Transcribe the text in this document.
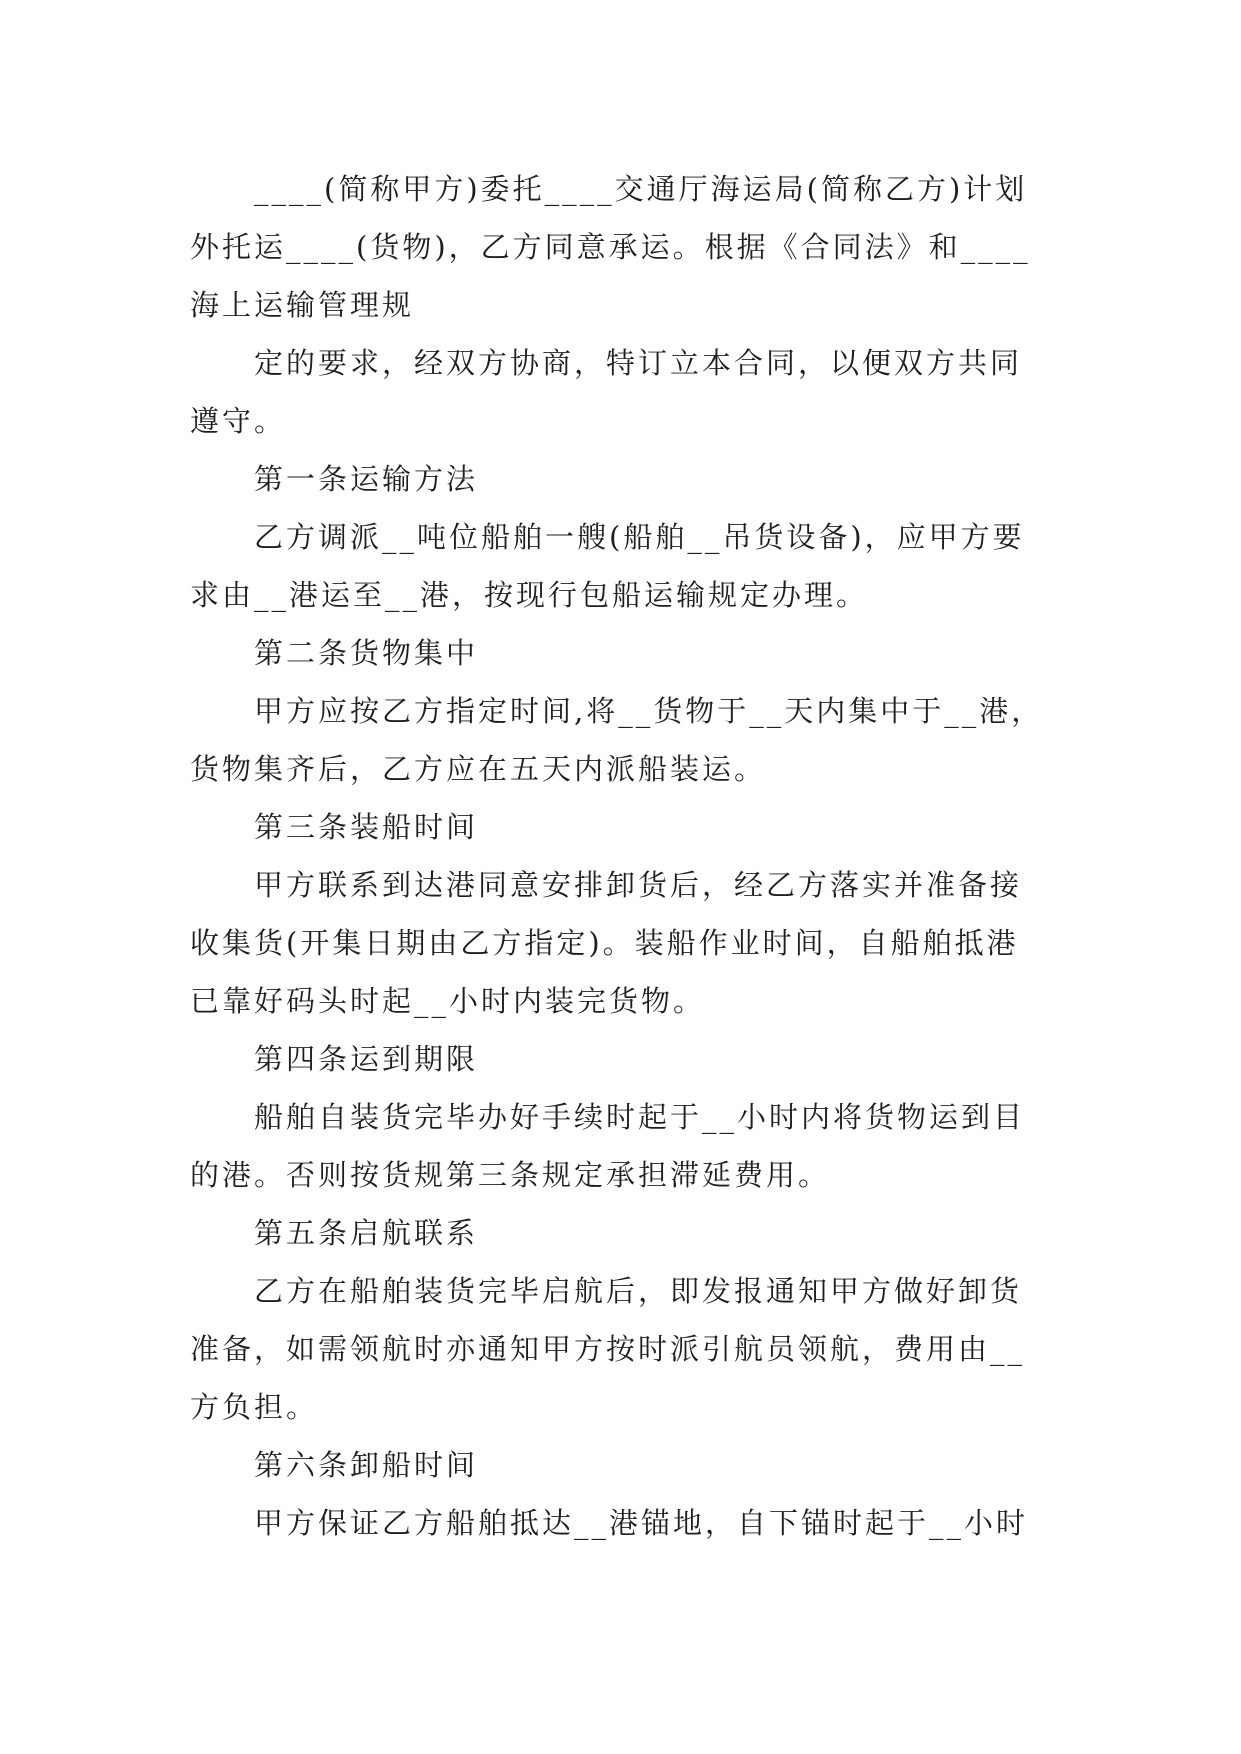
____(简称甲方)委托____交通厅海运局(简称乙方)计划
外托运____(货物)，乙方同意承运。根据《合同法》和____
海上运输管理规
定的要求，经双方协商，特订立本合同，以便双方共同
遵守。
第一条运输方法
乙方调派__吨位船舶一艘(船舶__吊货设备)，应甲方要
求由__港运至__港，按现行包船运输规定办理。
第二条货物集中
甲方应按乙方指定时间,将__货物于__天内集中于__港，
货物集齐后，乙方应在五天内派船装运。
第三条装船时间
甲方联系到达港同意安排卸货后，经乙方落实并准备接
收集货(开集日期由乙方指定)。装船作业时间，自船舶抵港
已靠好码头时起__小时内装完货物。
第四条运到期限
船舶自装货完毕办好手续时起于__小时内将货物运到目
的港。否则按货规第三条规定承担滞延费用。
第五条启航联系
乙方在船舶装货完毕启航后，即发报通知甲方做好卸货
准备，如需领航时亦通知甲方按时派引航员领航，费用由__
方负担。
第六条卸船时间
甲方保证乙方船舶抵达__港锚地，自下锚时起于__小时
